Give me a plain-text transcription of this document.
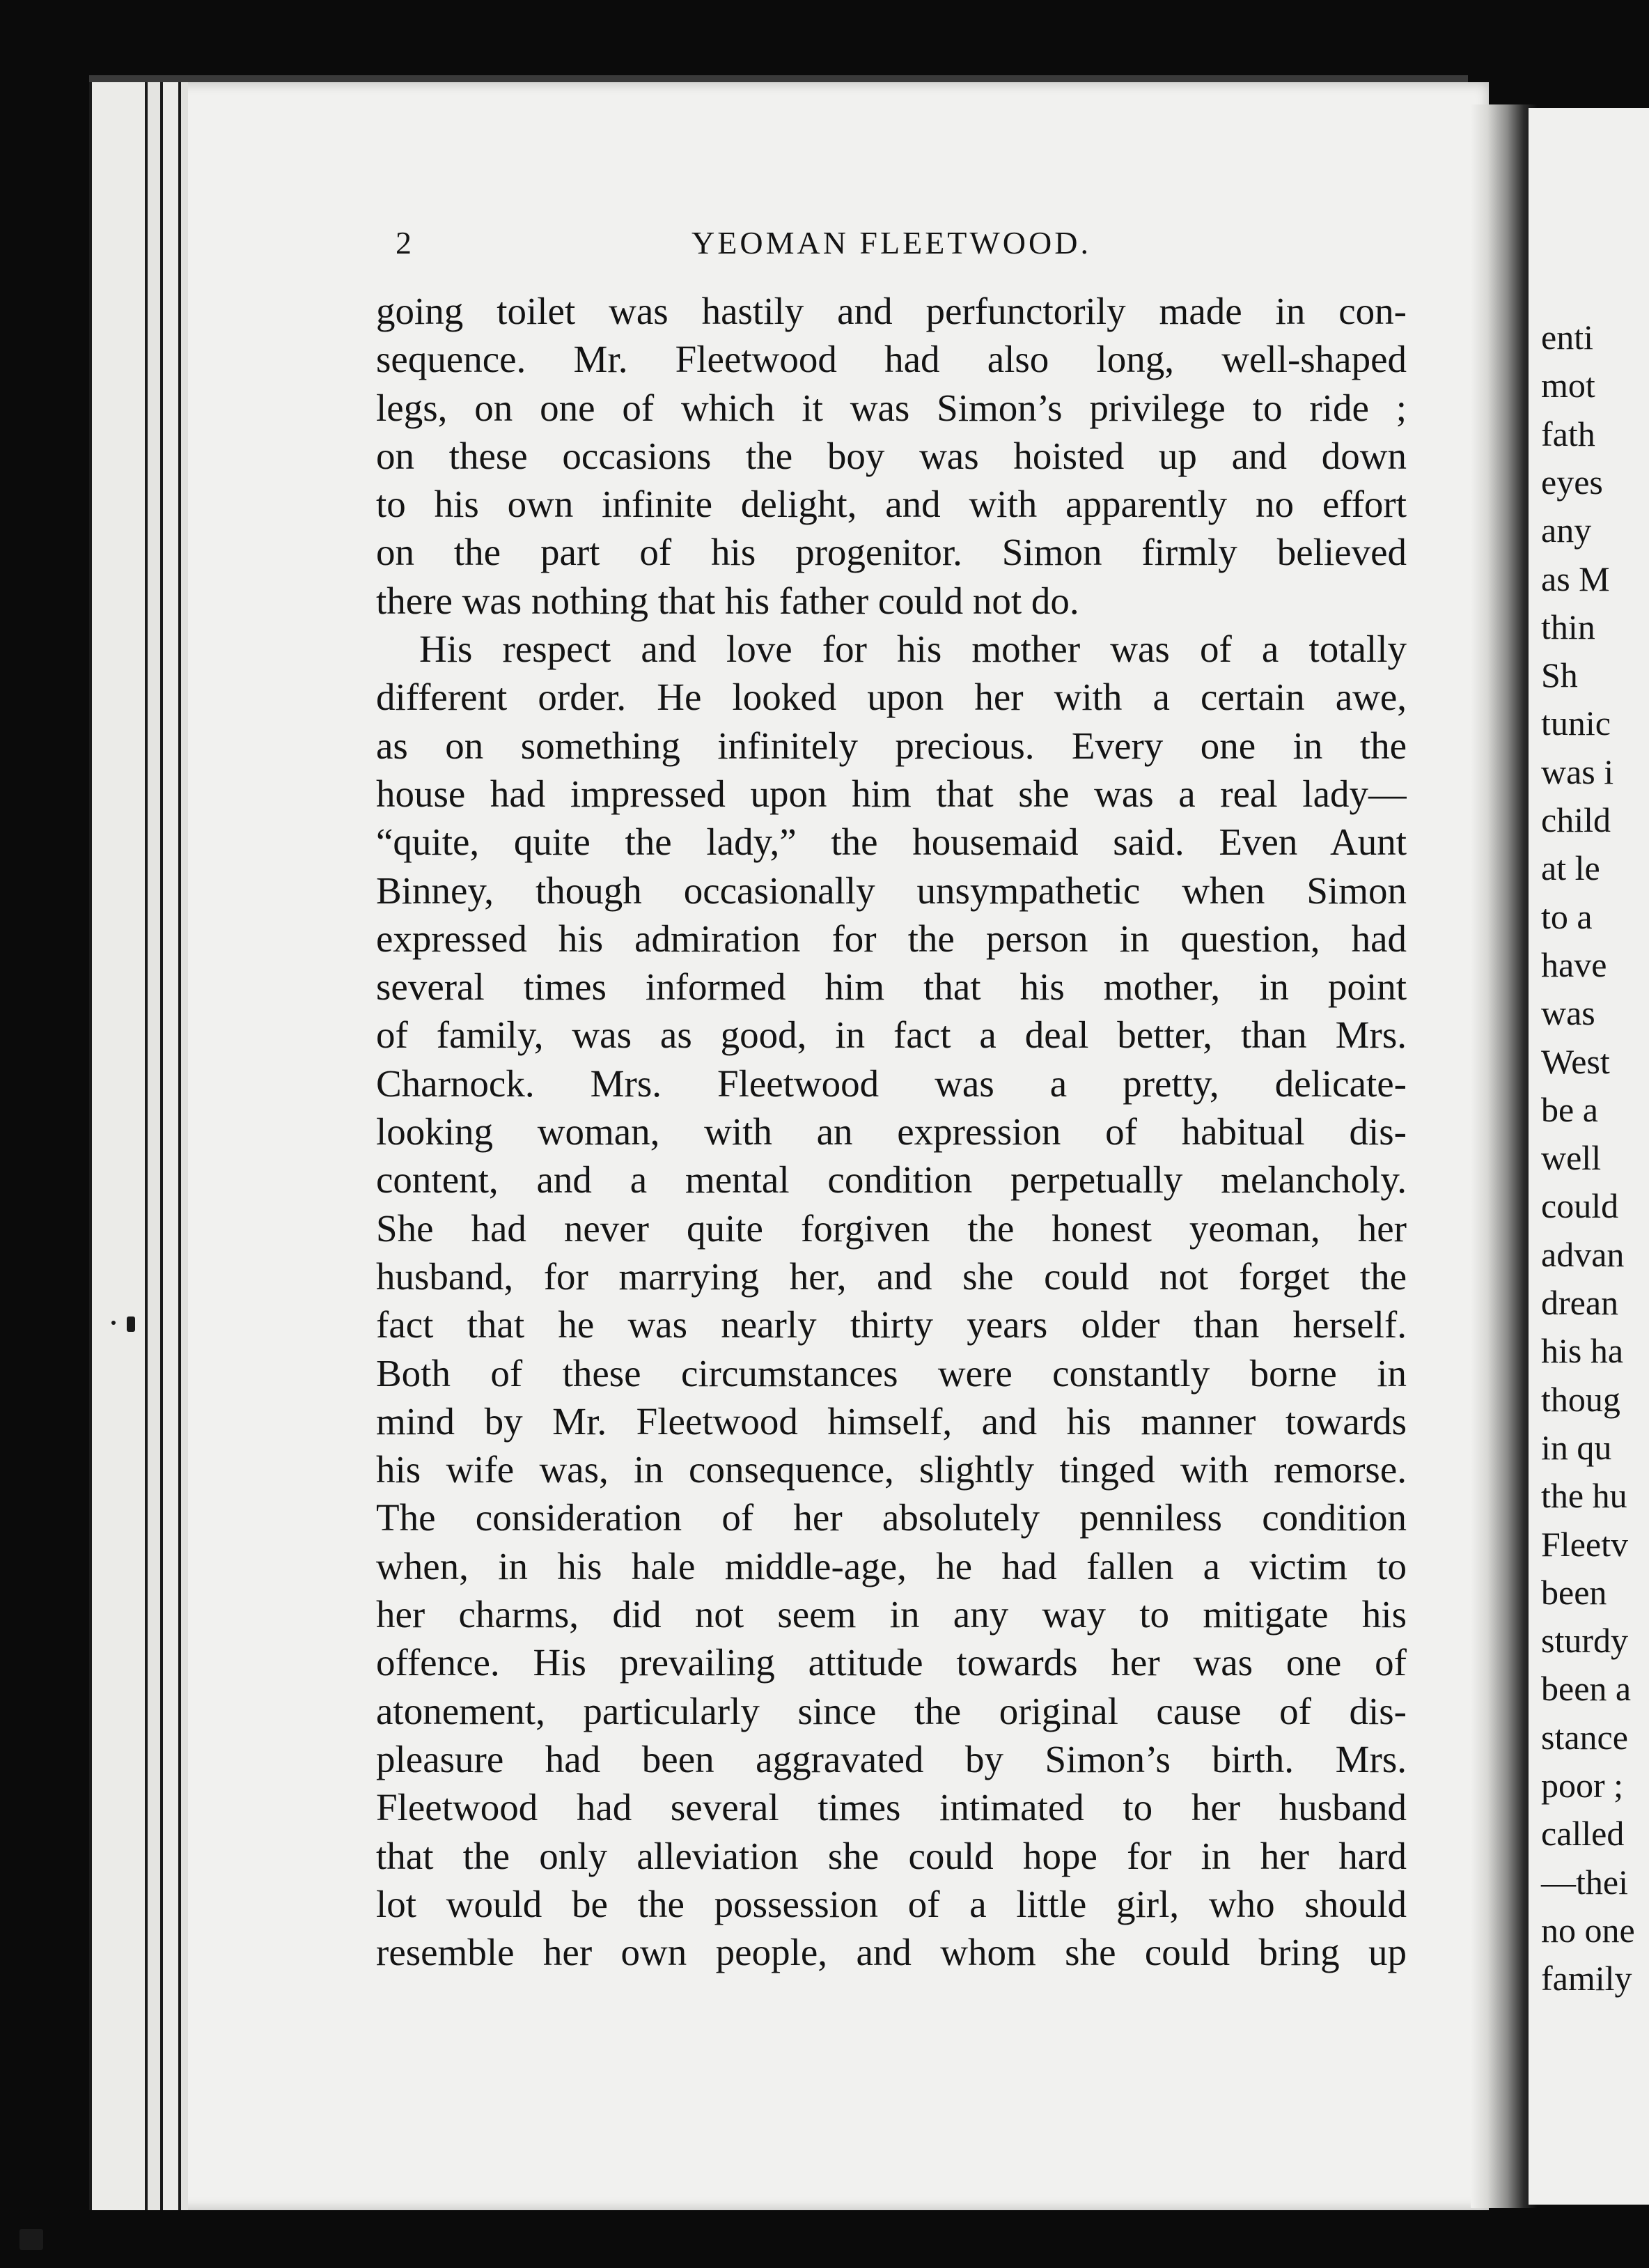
2	YEOMAN FLEETWOOD.
going toilet was hastily and perfunctorily made in con-
sequence. Mr. Fleetwood had also long, well-shaped
legs, on one of which it was Simon’s privilege to ride ;
on these occasions the boy was hoisted up and down
to his own infinite delight, and with apparently no effort
on the part of his progenitor. Simon firmly believed
there was nothing that his father could not do.
His respect and love for his mother was of a totally
different order. He looked upon her with a certain awe,
as on something infinitely precious. Every one in the
house had impressed upon him that she was a real lady—
“quite, quite the lady,” the housemaid said. Even Aunt
Binney, though occasionally unsympathetic when Simon
expressed his admiration for the person in question, had
several times informed him that his mother, in point
of family, was as good, in fact a deal better, than Mrs.
Charnock. Mrs. Fleetwood was a pretty, delicate-
looking woman, with an expression of habitual dis-
content, and a mental condition perpetually melancholy.
She had never quite forgiven the honest yeoman, her
husband, for marrying her, and she could not forget the
fact that he was nearly thirty years older than herself.
Both of these circumstances were constantly borne in
mind by Mr. Fleetwood himself, and his manner towards
his wife was, in consequence, slightly tinged with remorse.
The consideration of her absolutely penniless condition
when, in his hale middle-age, he had fallen a victim to
her charms, did not seem in any way to mitigate his
offence. His prevailing attitude towards her was one of
atonement, particularly since the original cause of dis-
pleasure had been aggravated by Simon’s birth. Mrs.
Fleetwood had several times intimated to her husband
that the only alleviation she could hope for in her hard
lot would be the possession of a little girl, who should
resemble her own people, and whom she could bring up
enti
mot
fath
eyes
any
as M
thin
Sh
tunic
was i
child
at le
to a
have
was
West
be a
well
could
advan
drean
his ha
thoug
in qu
the hu
Fleetv
been
sturdy
been a
stance
poor ;
called
—thei
no one
family
